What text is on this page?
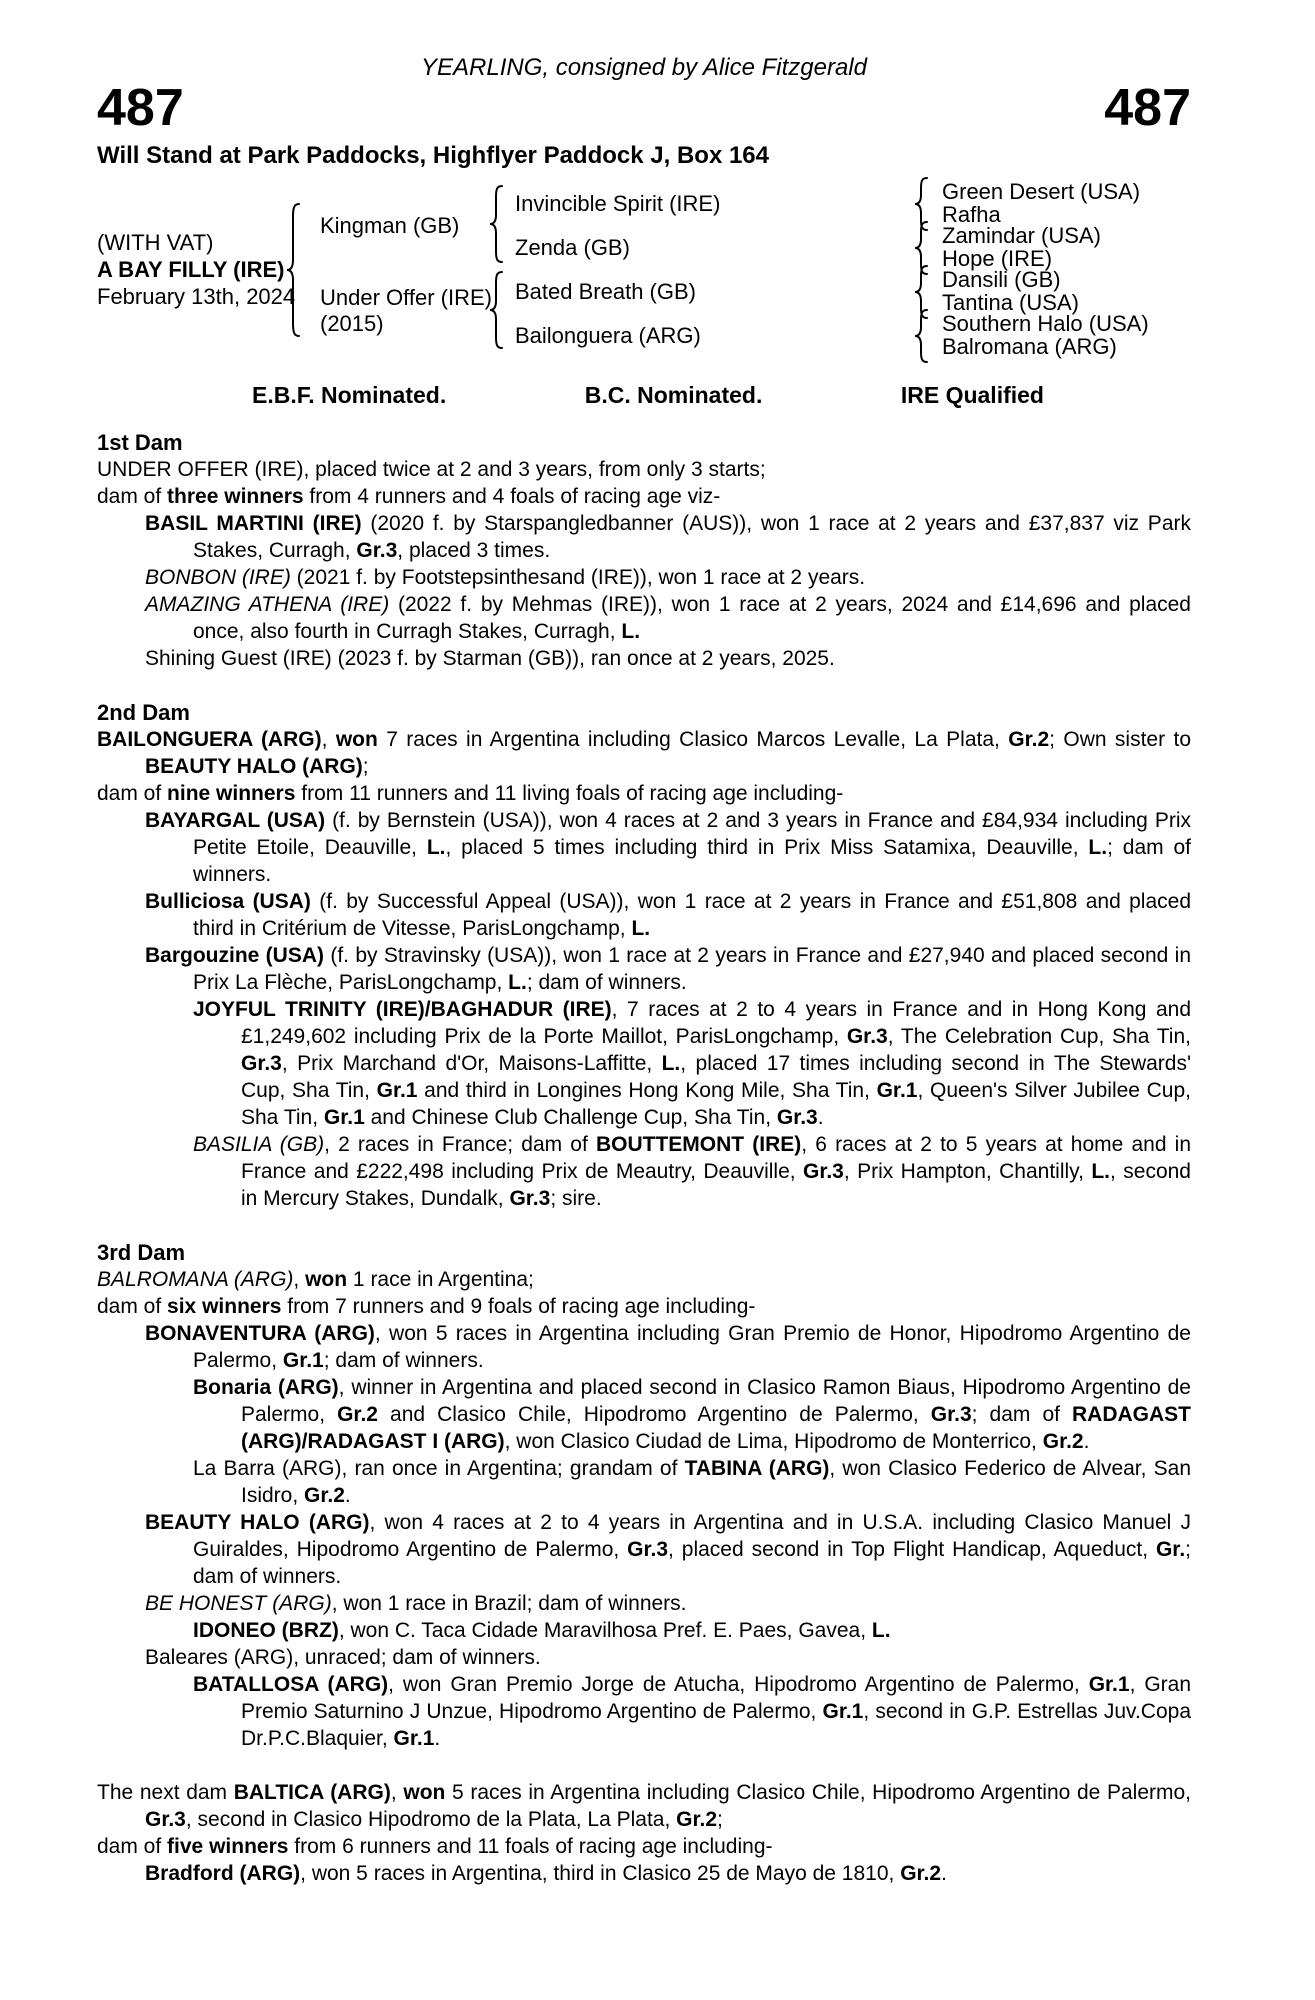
YEARLING, consigned by Alice Fitzgerald
487	487
Will Stand at Park Paddocks, Highflyer Paddock J, Box 164
(WITH VAT)
A BAY FILLY (IRE)
February 13th, 2024
Kingman (GB)
Under Offer (IRE)
(2015)
Invincible Spirit (IRE)
Zenda (GB)
Bated Breath (GB)
Bailonguera (ARG)
Green Desert (USA)
Rafha
Zamindar (USA)
Hope (IRE)
Dansili (GB)
Tantina (USA)
Southern Halo (USA)
Balromana (ARG)
E.B.F. Nominated.	B.C. Nominated.	IRE Qualified
1st Dam
UNDER OFFER (IRE), placed twice at 2 and 3 years, from only 3 starts;
dam of three winners from 4 runners and 4 foals of racing age viz-
BASIL MARTINI (IRE) (2020 f. by Starspangledbanner (AUS)), won 1 race at 2 years and £37,837 viz Park Stakes, Curragh, Gr.3, placed 3 times.
BONBON (IRE) (2021 f. by Footstepsinthesand (IRE)), won 1 race at 2 years.
AMAZING ATHENA (IRE) (2022 f. by Mehmas (IRE)), won 1 race at 2 years, 2024 and £14,696 and placed once, also fourth in Curragh Stakes, Curragh, L.
Shining Guest (IRE) (2023 f. by Starman (GB)), ran once at 2 years, 2025.
2nd Dam
BAILONGUERA (ARG), won 7 races in Argentina including Clasico Marcos Levalle, La Plata, Gr.2; Own sister to BEAUTY HALO (ARG);
dam of nine winners from 11 runners and 11 living foals of racing age including-
BAYARGAL (USA) (f. by Bernstein (USA)), won 4 races at 2 and 3 years in France and £84,934 including Prix Petite Etoile, Deauville, L., placed 5 times including third in Prix Miss Satamixa, Deauville, L.; dam of winners.
Bulliciosa (USA) (f. by Successful Appeal (USA)), won 1 race at 2 years in France and £51,808 and placed third in Critérium de Vitesse, ParisLongchamp, L.
Bargouzine (USA) (f. by Stravinsky (USA)), won 1 race at 2 years in France and £27,940 and placed second in Prix La Flèche, ParisLongchamp, L.; dam of winners.
JOYFUL TRINITY (IRE)/BAGHADUR (IRE), 7 races at 2 to 4 years in France and in Hong Kong and £1,249,602 including Prix de la Porte Maillot, ParisLongchamp, Gr.3, The Celebration Cup, Sha Tin, Gr.3, Prix Marchand d'Or, Maisons-Laffitte, L., placed 17 times including second in The Stewards' Cup, Sha Tin, Gr.1 and third in Longines Hong Kong Mile, Sha Tin, Gr.1, Queen's Silver Jubilee Cup, Sha Tin, Gr.1 and Chinese Club Challenge Cup, Sha Tin, Gr.3.
BASILIA (GB), 2 races in France; dam of BOUTTEMONT (IRE), 6 races at 2 to 5 years at home and in France and £222,498 including Prix de Meautry, Deauville, Gr.3, Prix Hampton, Chantilly, L., second in Mercury Stakes, Dundalk, Gr.3; sire.
3rd Dam
BALROMANA (ARG), won 1 race in Argentina;
dam of six winners from 7 runners and 9 foals of racing age including-
BONAVENTURA (ARG), won 5 races in Argentina including Gran Premio de Honor, Hipodromo Argentino de Palermo, Gr.1; dam of winners.
Bonaria (ARG), winner in Argentina and placed second in Clasico Ramon Biaus, Hipodromo Argentino de Palermo, Gr.2 and Clasico Chile, Hipodromo Argentino de Palermo, Gr.3; dam of RADAGAST (ARG)/RADAGAST I (ARG), won Clasico Ciudad de Lima, Hipodromo de Monterrico, Gr.2.
La Barra (ARG), ran once in Argentina; grandam of TABINA (ARG), won Clasico Federico de Alvear, San Isidro, Gr.2.
BEAUTY HALO (ARG), won 4 races at 2 to 4 years in Argentina and in U.S.A. including Clasico Manuel J Guiraldes, Hipodromo Argentino de Palermo, Gr.3, placed second in Top Flight Handicap, Aqueduct, Gr.; dam of winners.
BE HONEST (ARG), won 1 race in Brazil; dam of winners.
IDONEO (BRZ), won C. Taca Cidade Maravilhosa Pref. E. Paes, Gavea, L.
Baleares (ARG), unraced; dam of winners.
BATALLOSA (ARG), won Gran Premio Jorge de Atucha, Hipodromo Argentino de Palermo, Gr.1, Gran Premio Saturnino J Unzue, Hipodromo Argentino de Palermo, Gr.1, second in G.P. Estrellas Juv.Copa Dr.P.C.Blaquier, Gr.1.
The next dam BALTICA (ARG), won 5 races in Argentina including Clasico Chile, Hipodromo Argentino de Palermo, Gr.3, second in Clasico Hipodromo de la Plata, La Plata, Gr.2;
dam of five winners from 6 runners and 11 foals of racing age including-
Bradford (ARG), won 5 races in Argentina, third in Clasico 25 de Mayo de 1810, Gr.2.
